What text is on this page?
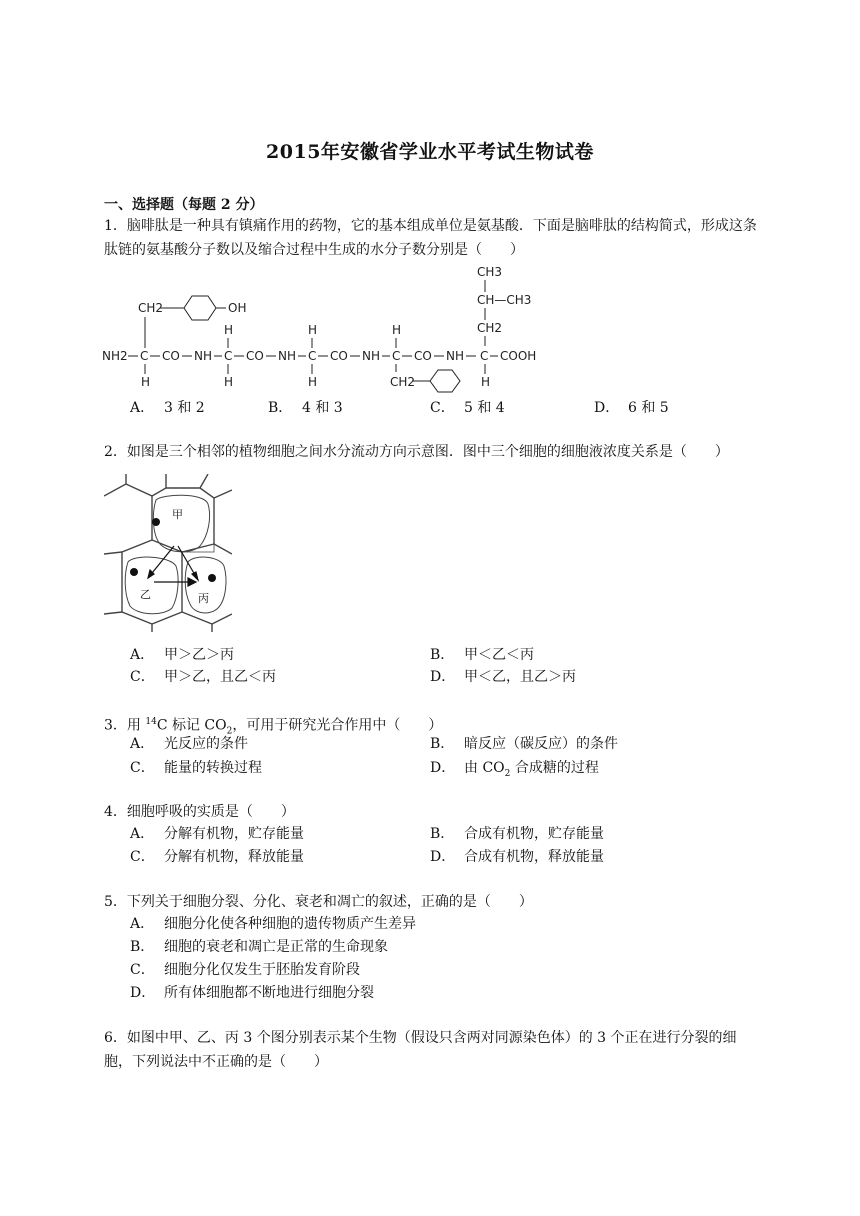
2015年安徽省学业水平考试生物试卷
一、选择题（每题 2 分）
1．脑啡肽是一种具有镇痛作用的药物，它的基本组成单位是氨基酸．下面是脑啡肽的结构简式，形成这条肽链的氨基酸分子数以及缩合过程中生成的水分子数分别是（　　）
CH3
CH—CH3
CH2
CH2	OH
H	H	H
NH2 C CO NH C CO NH C CO NH C CO NH C COOH
H	H	H	H
CH2
A． 3 和 2	B． 4 和 3	C． 5 和 4	D． 6 和 5
2．如图是三个相邻的植物细胞之间水分流动方向示意图．图中三个细胞的细胞液浓度关系是（　　）
甲
乙	丙
A． 甲＞乙＞丙	B． 甲＜乙＜丙
C． 甲＞乙，且乙＜丙	D． 甲＜乙，且乙＞丙
3．用 $^{14}$C 标记 $CO_2$，可用于研究光合作用中（　　）
A． 光反应的条件	B． 暗反应（碳反应）的条件
C． 能量的转换过程	D． 由 $CO_2$ 合成糖的过程
4．细胞呼吸的实质是（　　）
A． 分解有机物，贮存能量	B． 合成有机物，贮存能量
C． 分解有机物，释放能量	D． 合成有机物，释放能量
5．下列关于细胞分裂、分化、衰老和凋亡的叙述，正确的是（　　）
A． 细胞分化使各种细胞的遗传物质产生差异
B． 细胞的衰老和凋亡是正常的生命现象
C． 细胞分化仅发生于胚胎发育阶段
D． 所有体细胞都不断地进行细胞分裂
6．如图中甲、乙、丙 3 个图分别表示某个生物（假设只含两对同源染色体）的 3 个正在进行分裂的细胞，下列说法中不正确的是（　　）
